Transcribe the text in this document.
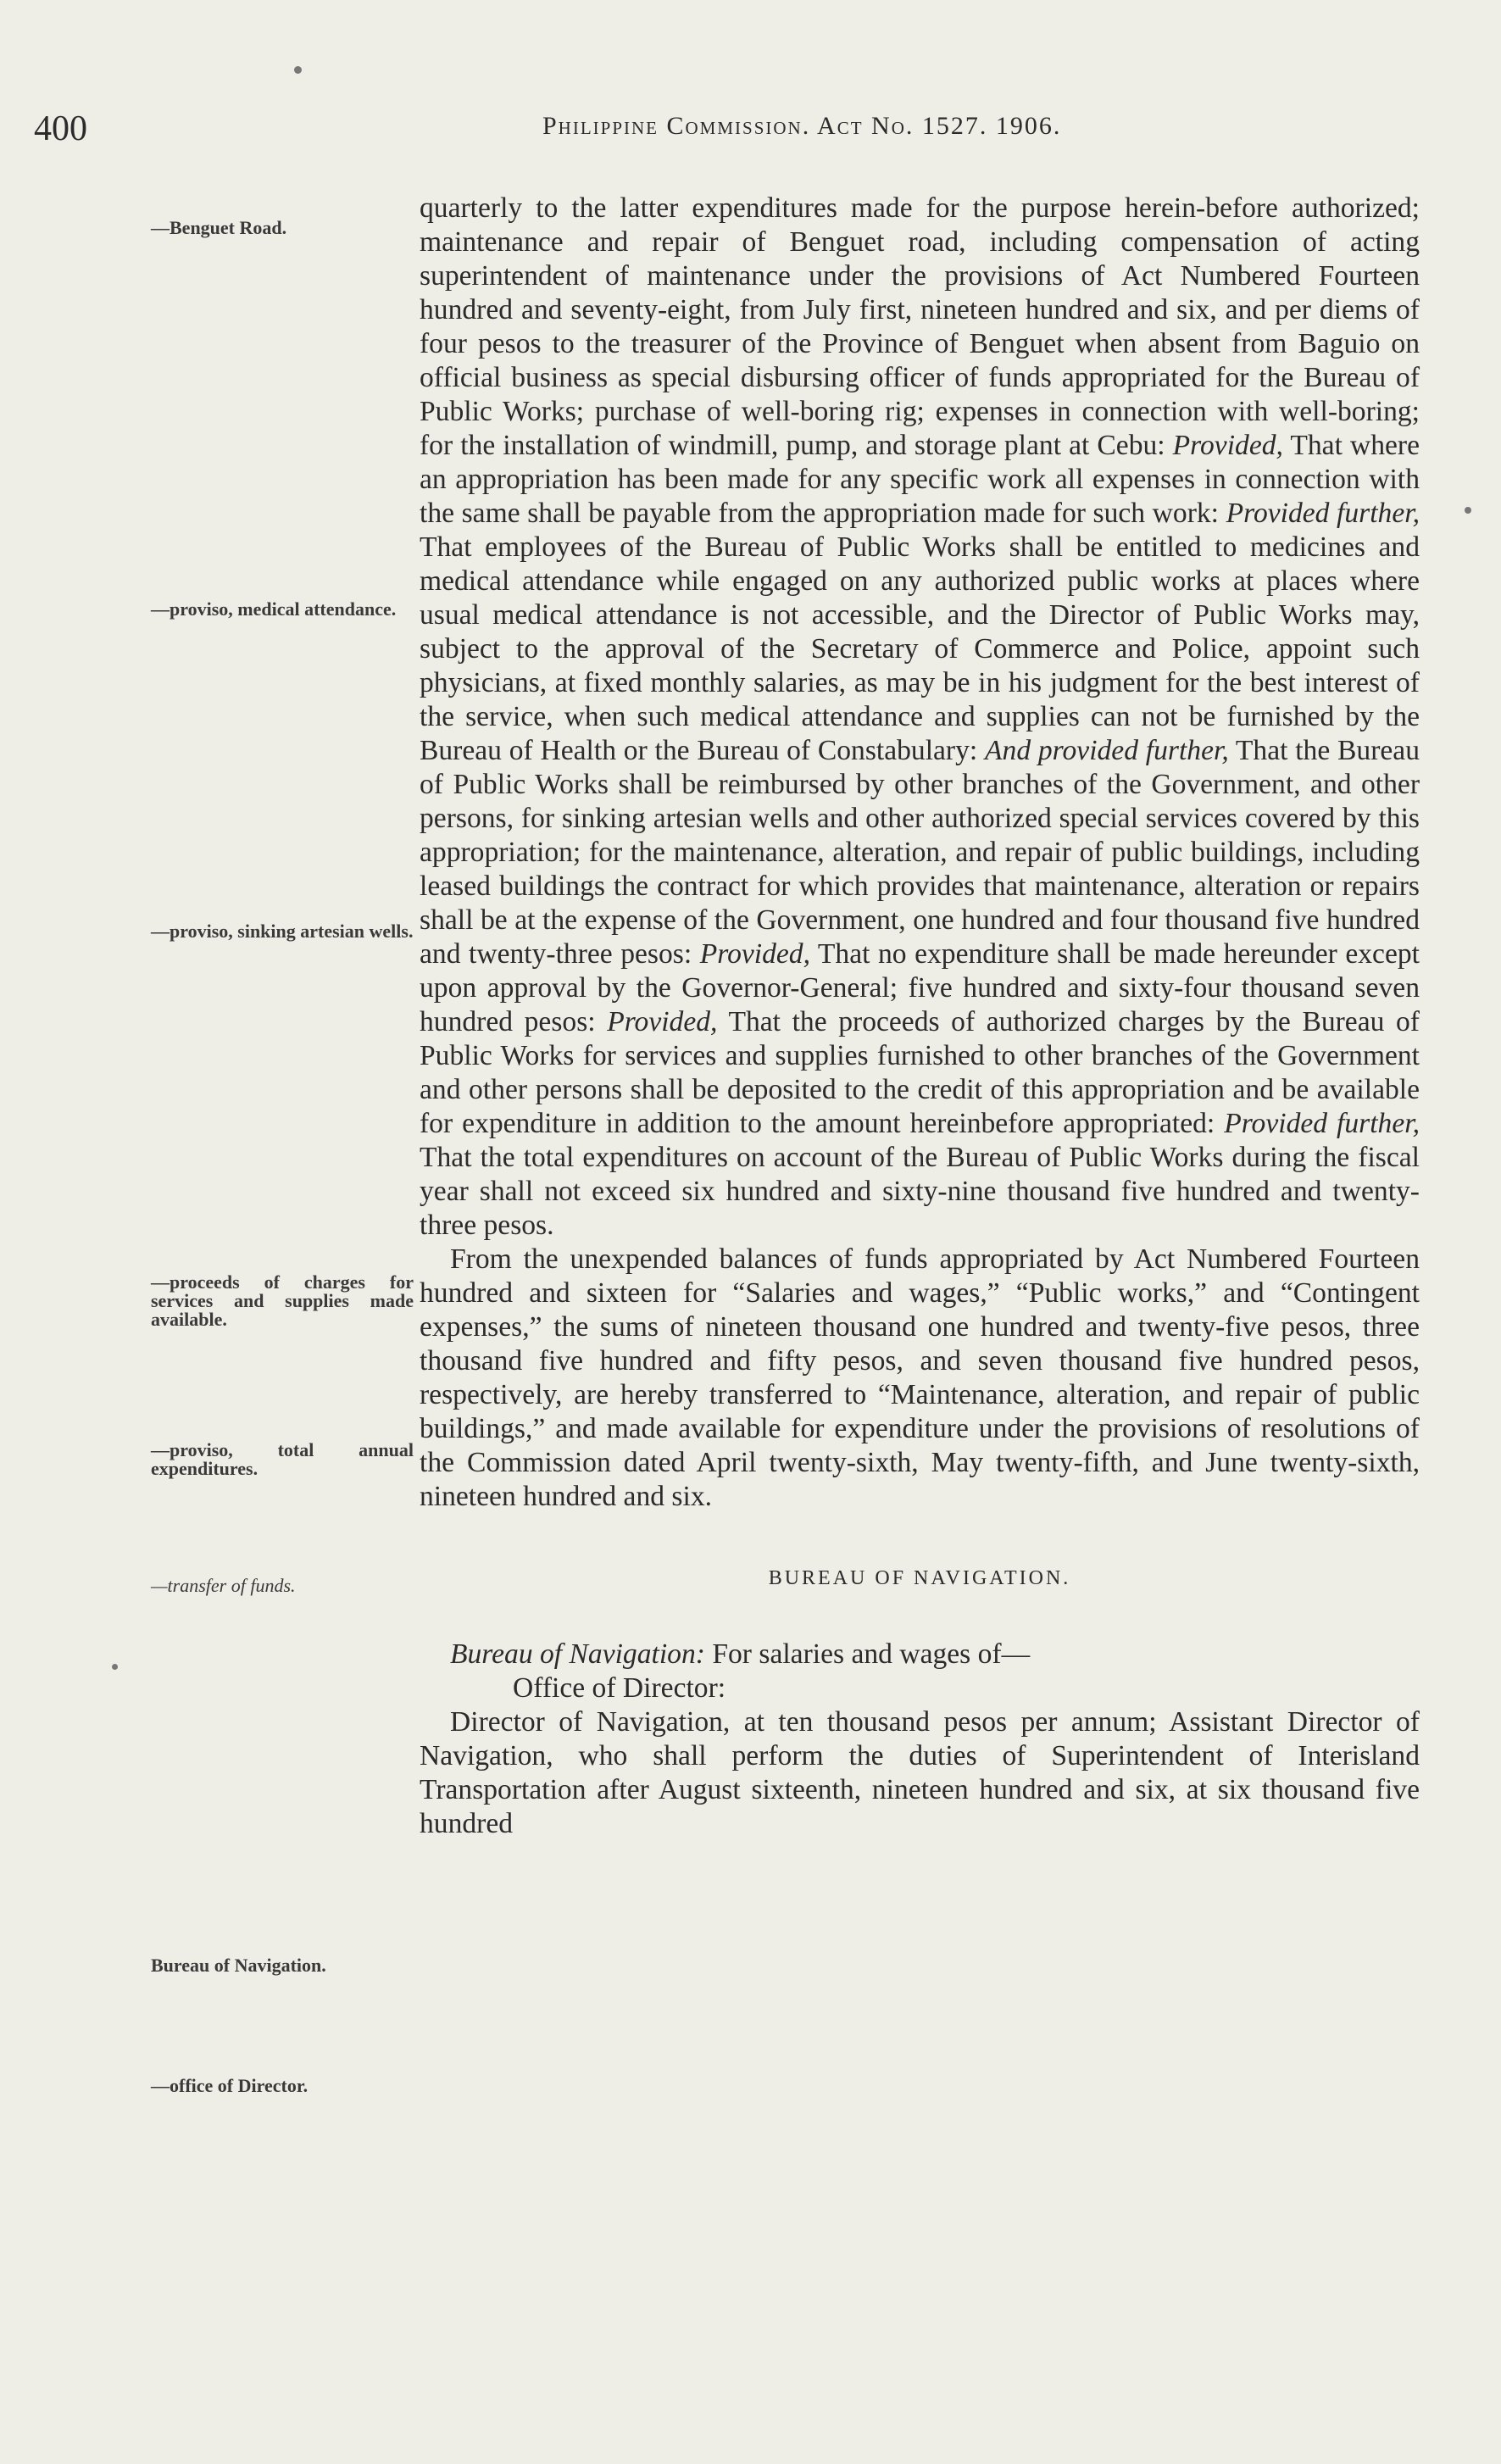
400	Philippine Commission. Act No. 1527. 1906.
—Benguet Road.
—proviso, medical attendance.
—proviso, sinking artesian wells.
—proceeds of charges for services and supplies made available.
—proviso, total annual expenditures.
—transfer of funds.
Bureau of Navigation.
—office of Director.

quarterly to the latter expenditures made for the purpose herein-before authorized; maintenance and repair of Benguet road, including compensation of acting superintendent of maintenance under the provisions of Act Numbered Fourteen hundred and seventy-eight, from July first, nineteen hundred and six, and per diems of four pesos to the treasurer of the Province of Benguet when absent from Baguio on official business as special disbursing officer of funds appropriated for the Bureau of Public Works; purchase of well-boring rig; expenses in connection with well-boring; for the installation of windmill, pump, and storage plant at Cebu: Provided, That where an appropriation has been made for any specific work all expenses in connection with the same shall be payable from the appropriation made for such work: Provided further, That employees of the Bureau of Public Works shall be entitled to medicines and medical attendance while engaged on any authorized public works at places where usual medical attendance is not accessible, and the Director of Public Works may, subject to the approval of the Secretary of Commerce and Police, appoint such physicians, at fixed monthly salaries, as may be in his judgment for the best interest of the service, when such medical attendance and supplies can not be furnished by the Bureau of Health or the Bureau of Constabulary: And provided further, That the Bureau of Public Works shall be reimbursed by other branches of the Government, and other persons, for sinking artesian wells and other authorized special services covered by this appropriation; for the maintenance, alteration, and repair of public buildings, including leased buildings the contract for which provides that maintenance, alteration or repairs shall be at the expense of the Government, one hundred and four thousand five hundred and twenty-three pesos: Provided, That no expenditure shall be made hereunder except upon approval by the Governor-General; five hundred and sixty-four thousand seven hundred pesos: Provided, That the proceeds of authorized charges by the Bureau of Public Works for services and supplies furnished to other branches of the Government and other persons shall be deposited to the credit of this appropriation and be available for expenditure in addition to the amount hereinbefore appropriated: Provided further, That the total expenditures on account of the Bureau of Public Works during the fiscal year shall not exceed six hundred and sixty-nine thousand five hundred and twenty-three pesos.

From the unexpended balances of funds appropriated by Act Numbered Fourteen hundred and sixteen for “Salaries and wages,” “Public works,” and “Contingent expenses,” the sums of nineteen thousand one hundred and twenty-five pesos, three thousand five hundred and fifty pesos, and seven thousand five hundred pesos, respectively, are hereby transferred to “Maintenance, alteration, and repair of public buildings,” and made available for expenditure under the provisions of resolutions of the Commission dated April twenty-sixth, May twenty-fifth, and June twenty-sixth, nineteen hundred and six.

BUREAU OF NAVIGATION.

Bureau of Navigation: For salaries and wages of—

Office of Director:

Director of Navigation, at ten thousand pesos per annum; Assistant Director of Navigation, who shall perform the duties of Superintendent of Interisland Transportation after August sixteenth, nineteen hundred and six, at six thousand five hundred
